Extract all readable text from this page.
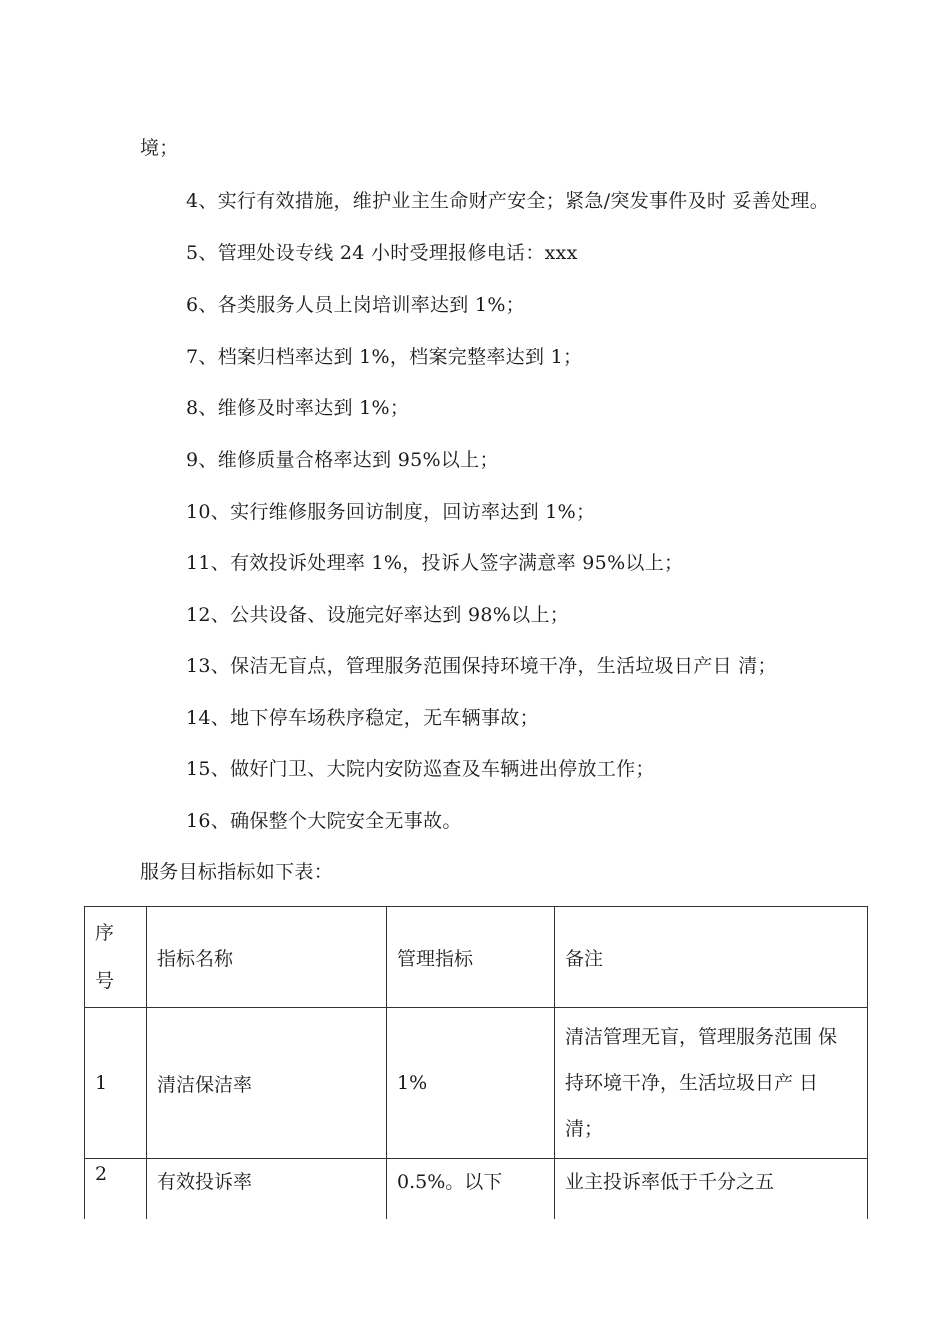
境；
4、实行有效措施，维护业主生命财产安全；紧急/突发事件及时 妥善处理。
5、管理处设专线 24 小时受理报修电话：xxx
6、各类服务人员上岗培训率达到 1%；
7、档案归档率达到 1%，档案完整率达到 1；
8、维修及时率达到 1%；
9、维修质量合格率达到 95%以上；
10、实行维修服务回访制度，回访率达到 1%；
11、有效投诉处理率 1%，投诉人签字满意率 95%以上；
12、公共设备、设施完好率达到 98%以上；
13、保洁无盲点，管理服务范围保持环境干净，生活垃圾日产日 清；
14、地下停车场秩序稳定，无车辆事故；
15、做好门卫、大院内安防巡查及车辆进出停放工作；
16、确保整个大院安全无事故。
服务目标指标如下表：
序
号	指标名称	管理指标	备注
1	清洁保洁率	1%	清洁管理无盲，管理服务范围 保
持环境干净，生活垃圾日产 日
清；

2	有效投诉率	0.5%。以下	业主投诉率低于千分之五
